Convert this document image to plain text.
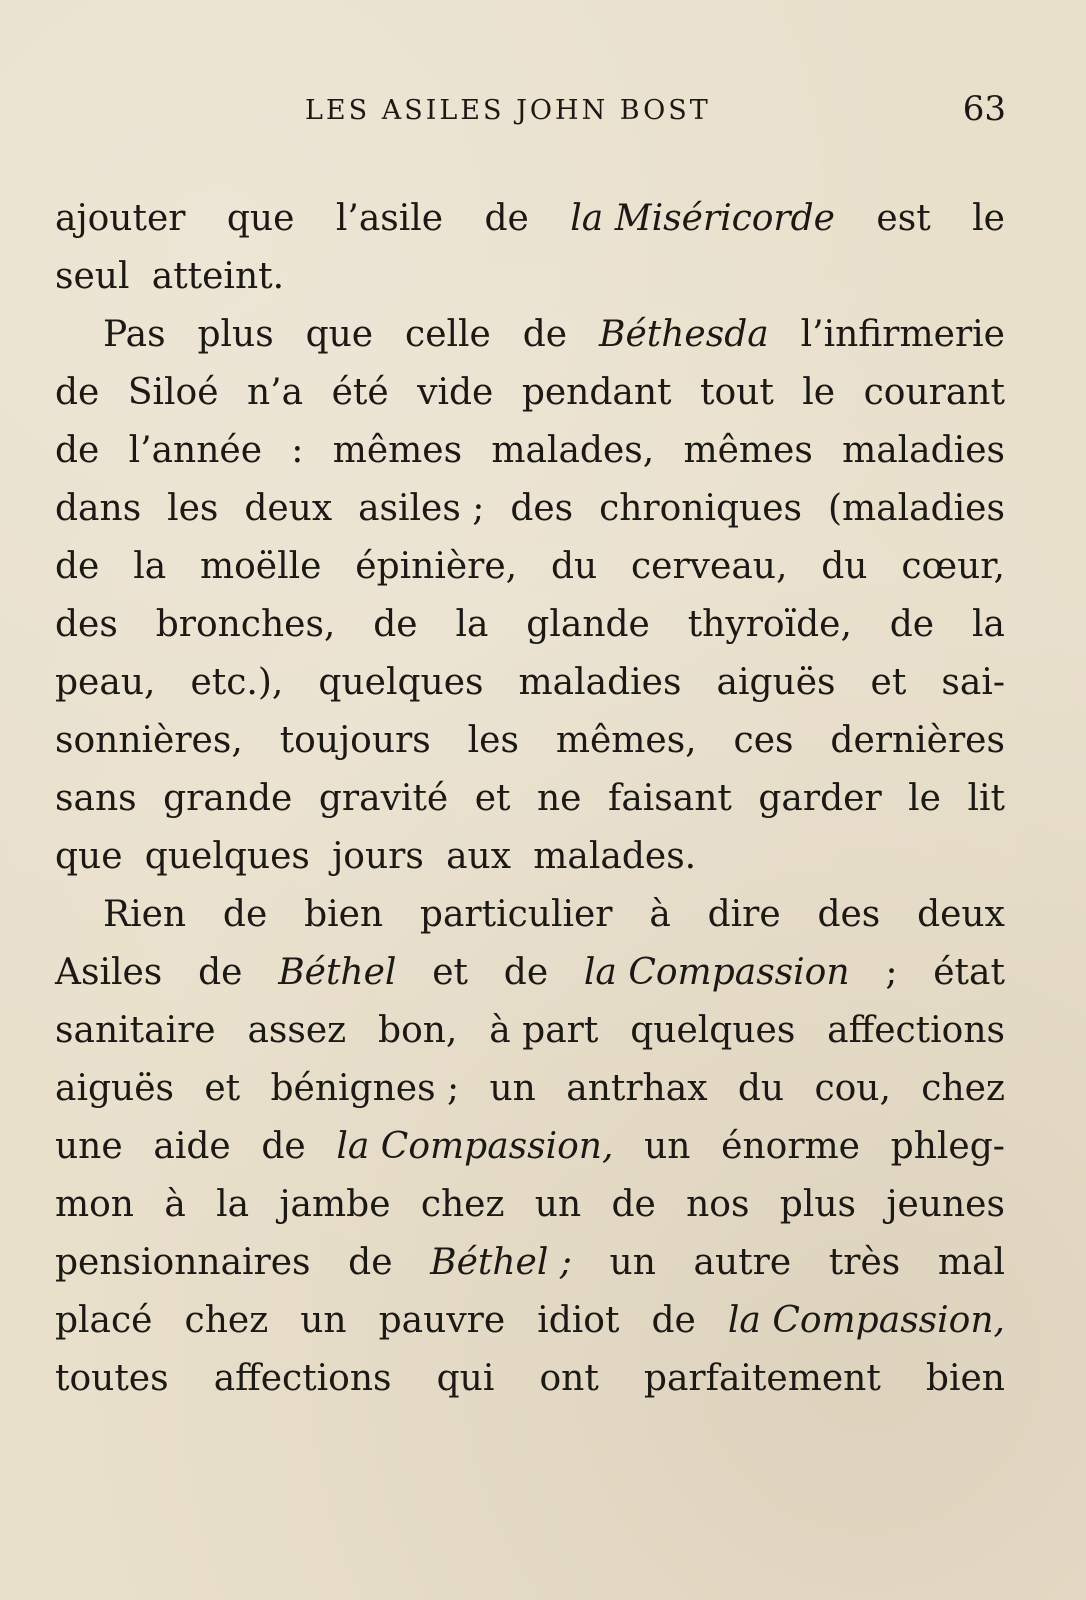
LES ASILES JOHN BOST	63
ajouter que l’asile de la Miséricorde est le
seul atteint.
Pas plus que celle de Béthesda l’infirmerie
de Siloé n’a été vide pendant tout le courant
de l’année : mêmes malades, mêmes maladies
dans les deux asiles ; des chroniques (maladies
de la moëlle épinière, du cerveau, du cœur,
des bronches, de la glande thyroïde, de la
peau, etc.), quelques maladies aiguës et sai-
sonnières, toujours les mêmes, ces dernières
sans grande gravité et ne faisant garder le lit
que quelques jours aux malades.
Rien de bien particulier à dire des deux
Asiles de Béthel et de la Compassion ; état
sanitaire assez bon, à part quelques affections
aiguës et bénignes ; un antrhax du cou, chez
une aide de la Compassion, un énorme phleg-
mon à la jambe chez un de nos plus jeunes
pensionnaires de Béthel ; un autre très mal
placé chez un pauvre idiot de la Compassion,
toutes affections qui ont parfaitement bien
